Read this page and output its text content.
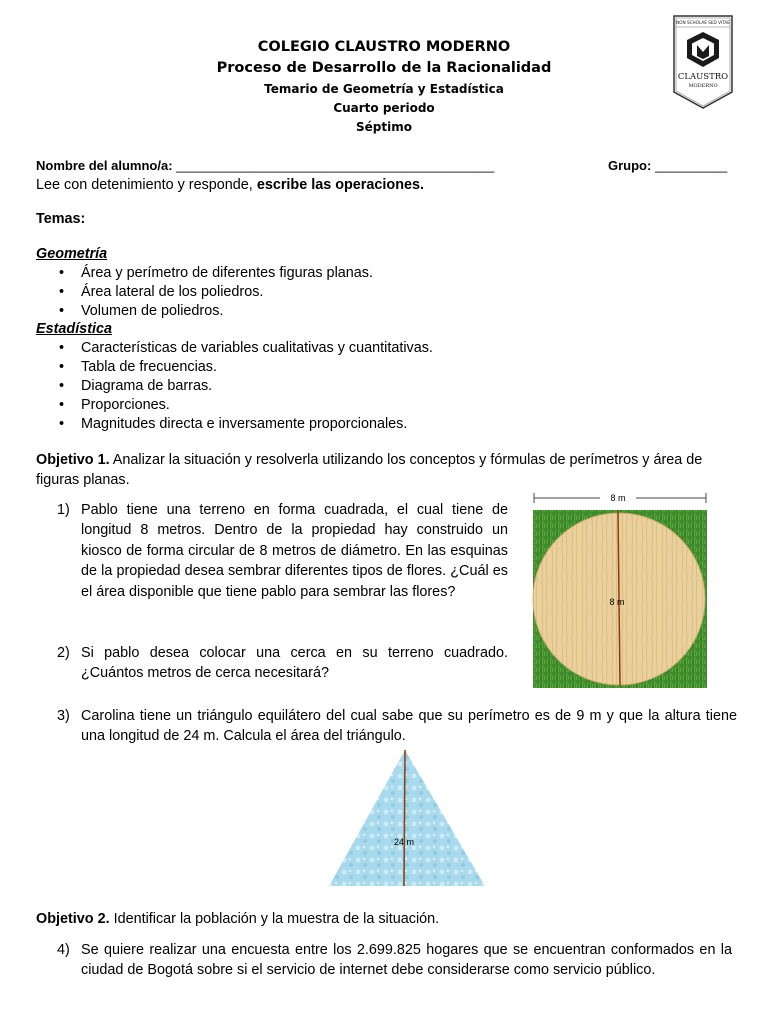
COLEGIO CLAUSTRO MODERNO
Proceso de Desarrollo de la Racionalidad
Temario de Geometría y Estadística
Cuarto periodo
Séptimo
NON SCHOLAE SED VITAE
CLAUSTRO
MODERNO
Nombre del alumno/a: ____________________________________________	Grupo: __________
Lee con detenimiento y responde, escribe las operaciones.
Temas:
Geometría
• Área y perímetro de diferentes figuras planas.
• Área lateral de los poliedros.
• Volumen de poliedros.
Estadística
• Características de variables cualitativas y cuantitativas.
• Tabla de frecuencias.
• Diagrama de barras.
• Proporciones.
• Magnitudes directa e inversamente proporcionales.
Objetivo 1. Analizar la situación y resolverla utilizando los conceptos y fórmulas de perímetros y área de figuras planas.
1) Pablo tiene una terreno en forma cuadrada, el cual tiene de longitud 8 metros. Dentro de la propiedad hay construido un kiosco de forma circular de 8 metros de diámetro. En las esquinas de la propiedad desea sembrar diferentes tipos de flores. ¿Cuál es el área disponible que tiene pablo para sembrar las flores?
2) Si pablo desea colocar una cerca en su terreno cuadrado. ¿Cuántos metros de cerca necesitará?
8 m
8 m
3) Carolina tiene un triángulo equilátero del cual sabe que su perímetro es de 9 m y que la altura tiene una longitud de 24 m. Calcula el área del triángulo.
24 m
Objetivo 2. Identificar la población y la muestra de la situación.
4) Se quiere realizar una encuesta entre los 2.699.825 hogares que se encuentran conformados en la ciudad de Bogotá sobre si el servicio de internet debe considerarse como servicio público.
